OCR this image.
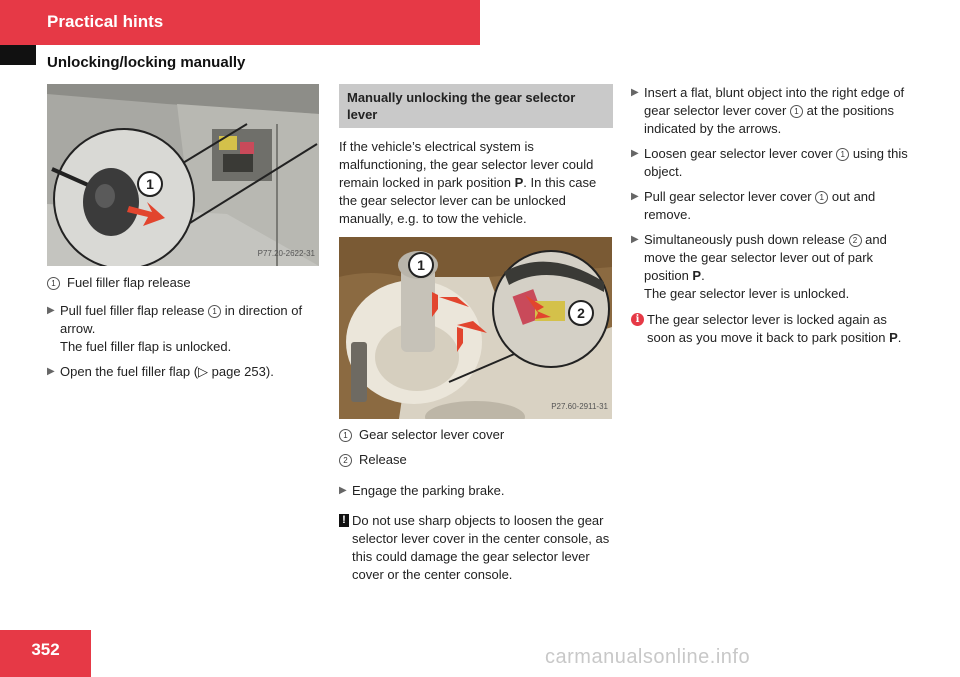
Practical hints
Unlocking/locking manually
1
P77.20-2622-31
1 Fuel filler flap release
▶ Pull fuel filler flap release 1 in direction of arrow.
The fuel filler flap is unlocked.
▶ Open the fuel filler flap (▷ page 253).
Manually unlocking the gear selector lever

If the vehicle’s electrical system is malfunctioning, the gear selector lever could remain locked in park position P. In this case the gear selector lever can be unlocked manually, e.g. to tow the vehicle.

1
2
P27.60-2911-31
1 Gear selector lever cover
2 Release
▶ Engage the parking brake.
! Do not use sharp objects to loosen the gear selector lever cover in the center console, as this could damage the gear selector lever cover or the center console.
▶ Insert a flat, blunt object into the right edge of gear selector lever cover 1 at the positions indicated by the arrows.
▶ Loosen gear selector lever cover 1 using this object.
▶ Pull gear selector lever cover 1 out and remove.
▶ Simultaneously push down release 2 and move the gear selector lever out of park position P.
The gear selector lever is unlocked.
i The gear selector lever is locked again as soon as you move it back to park position P.
352	carmanualsonline.info
